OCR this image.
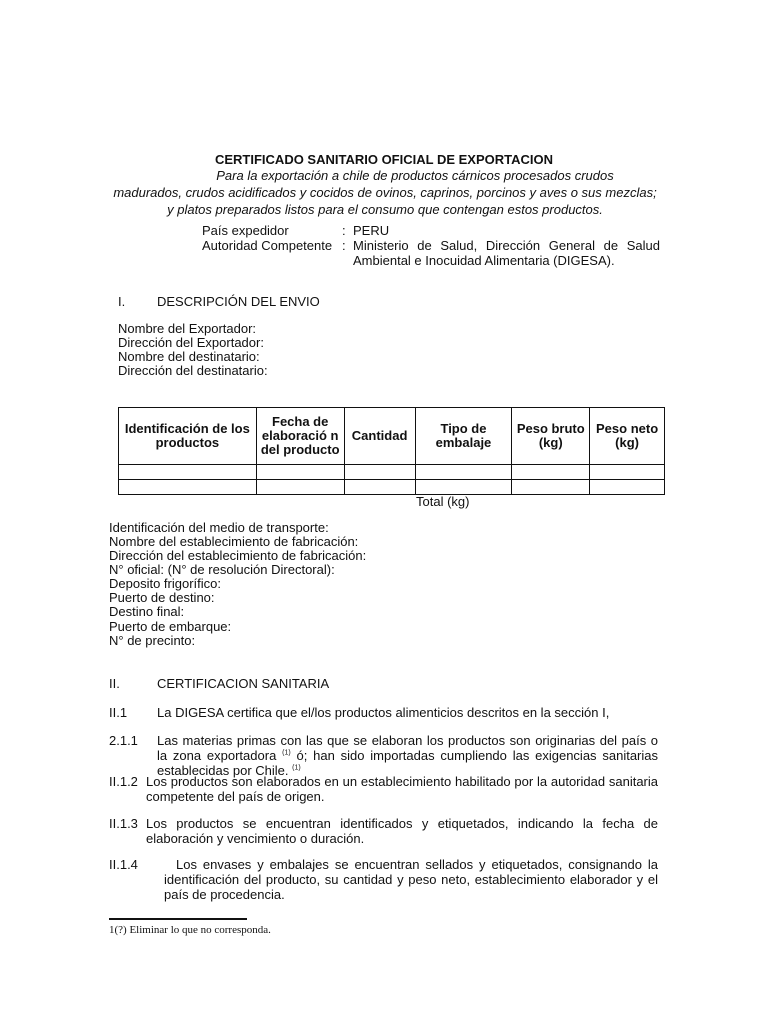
CERTIFICADO SANITARIO OFICIAL DE EXPORTACION
Para la exportación a chile de productos cárnicos procesados crudos
madurados, crudos acidificados y cocidos de ovinos, caprinos, porcinos y aves o sus mezclas;
y platos preparados listos para el consumo que contengan estos productos.
País expedidor	: PERU
Autoridad Competente : Ministerio de Salud, Dirección General de Salud Ambiental e Inocuidad Alimentaria (DIGESA).
I. DESCRIPCIÓN DEL ENVIO
Nombre del Exportador:
Dirección del Exportador:
Nombre del destinatario:
Dirección del destinatario:
Identificación de los productos	Fecha de elaboració n del producto	Cantidad	Tipo de embalaje	Peso bruto (kg)	Peso neto (kg)

Total (kg)
Identificación del medio de transporte:
Nombre del establecimiento de fabricación:
Dirección del establecimiento de fabricación:
N° oficial: (N° de resolución Directoral):
Deposito frigorífico:
Puerto de destino:
Destino final:
Puerto de embarque:
N° de precinto:
II.	CERTIFICACION SANITARIA
II.1 La DIGESA certifica que el/los productos alimenticios descritos en la sección I,
2.1.1 Las materias primas con las que se elaboran los productos son originarias del país o la zona exportadora $^{(1)}$ ó; han sido importadas cumpliendo las exigencias sanitarias establecidas por Chile. $^{(1)}$
II.1.2 Los productos son elaborados en un establecimiento habilitado por la autoridad sanitaria competente del país de origen.
II.1.3 Los productos se encuentran identificados y etiquetados, indicando la fecha de elaboración y vencimiento o duración.
II.1.4	Los envases y embalajes se encuentran sellados y etiquetados, consignando la identificación del producto, su cantidad y peso neto, establecimiento elaborador y el país de procedencia.
1(?) Eliminar lo que no corresponda.
